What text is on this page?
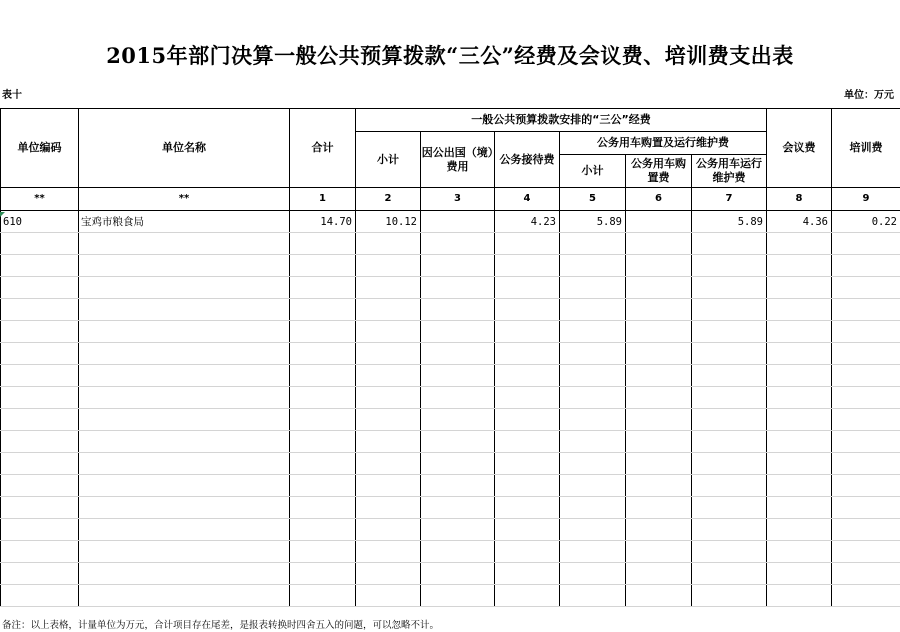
2015年部门决算一般公共预算拨款“三公”经费及会议费、培训费支出表
表十	单位：万元
单位编码	单位名称	合计	一般公共预算拨款安排的“三公”经费						会议费	培训费
			小计	因公出国（境）费用	公务接待费	公务用车购置及运行维护费				
						小计	公务用车购置费	公务用车运行维护费		
**	**	1	2	3	4	5	6	7	8	9
610	宝鸡市粮食局	14.70	10.12		4.23	5.89		5.89	4.36	0.22

备注：以上表格，计量单位为万元，合计项目存在尾差，是报表转换时四舍五入的问题，可以忽略不计。
